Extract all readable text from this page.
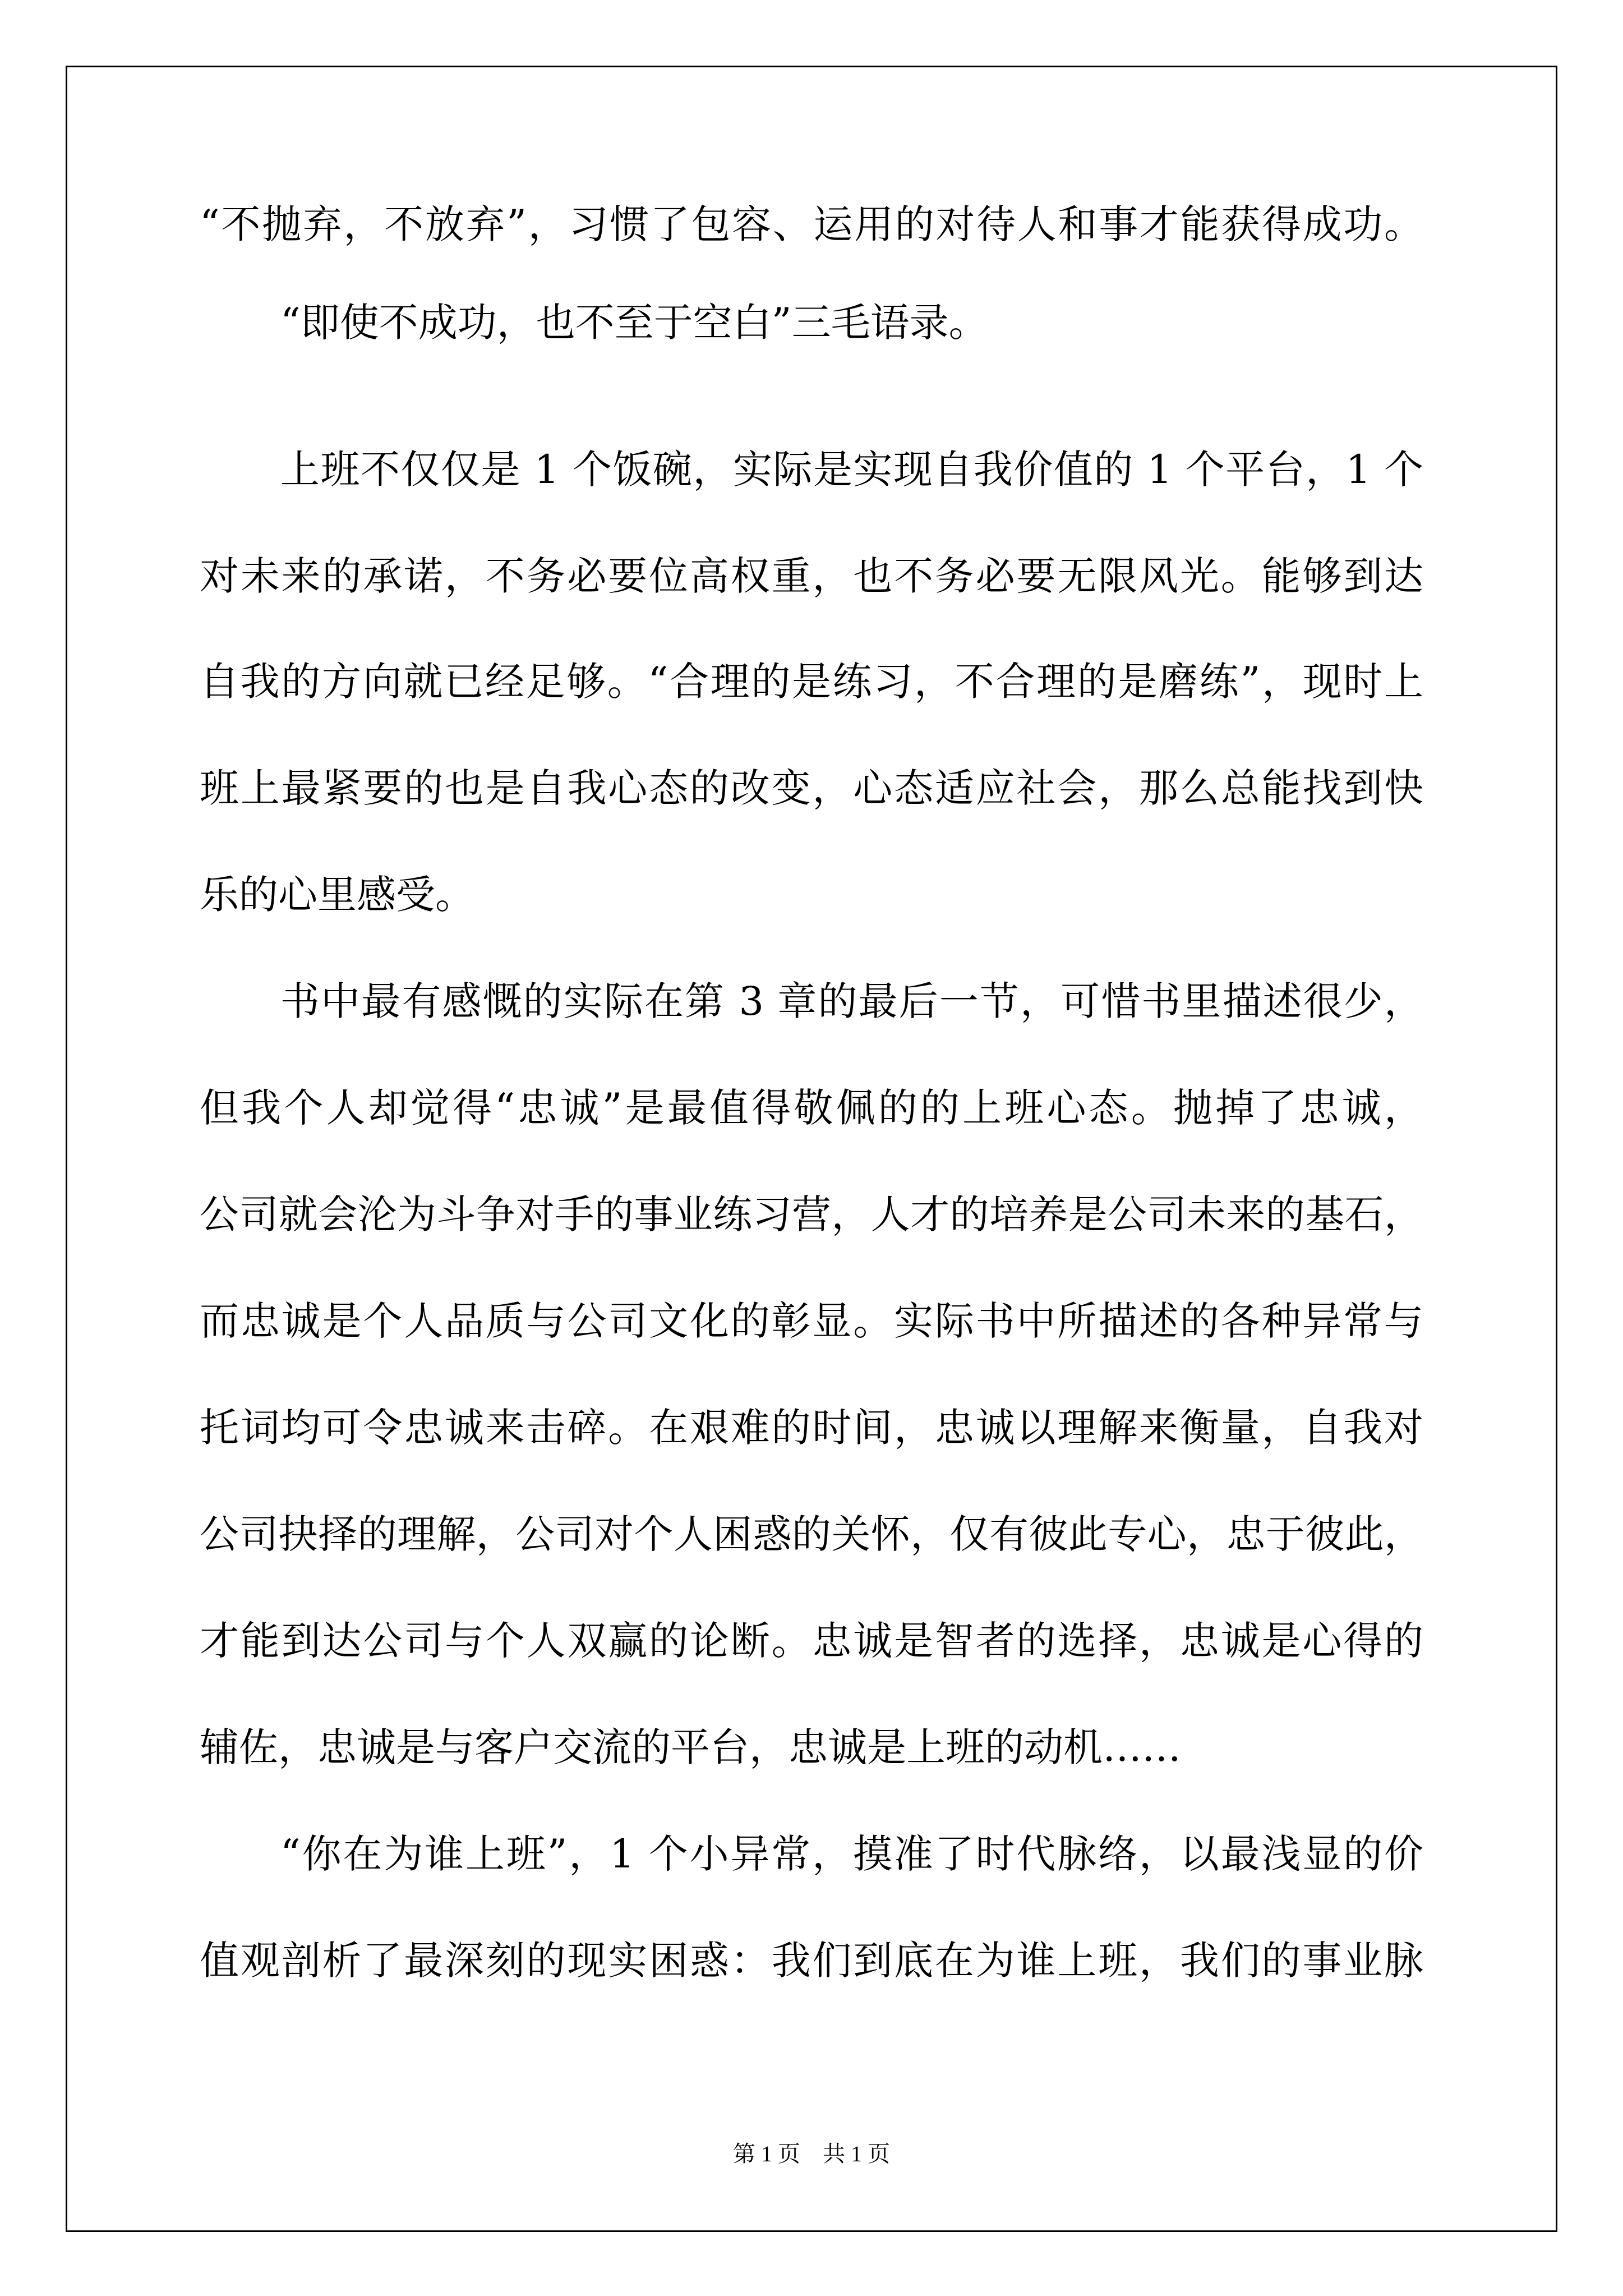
“不抛弃，不放弃”，习惯了包容、运用的对待人和事才能获得成功。
“即使不成功，也不至于空白”三毛语录。
上班不仅仅是 1 个饭碗，实际是实现自我价值的 1 个平台，1 个
对未来的承诺，不务必要位高权重，也不务必要无限风光。能够到达
自我的方向就已经足够。“合理的是练习，不合理的是磨练”，现时上
班上最紧要的也是自我心态的改变，心态适应社会，那么总能找到快
乐的心里感受。
书中最有感慨的实际在第 3 章的最后一节，可惜书里描述很少，
但我个人却觉得“忠诚”是最值得敬佩的的上班心态。抛掉了忠诚，
公司就会沦为斗争对手的事业练习营，人才的培养是公司未来的基石，
而忠诚是个人品质与公司文化的彰显。实际书中所描述的各种异常与
托词均可令忠诚来击碎。在艰难的时间，忠诚以理解来衡量，自我对
公司抉择的理解，公司对个人困惑的关怀，仅有彼此专心，忠于彼此，
才能到达公司与个人双赢的论断。忠诚是智者的选择，忠诚是心得的
辅佐，忠诚是与客户交流的平台，忠诚是上班的动机……
“你在为谁上班”，1 个小异常，摸准了时代脉络，以最浅显的价
值观剖析了最深刻的现实困惑：我们到底在为谁上班，我们的事业脉
第 1 页　共 1 页
